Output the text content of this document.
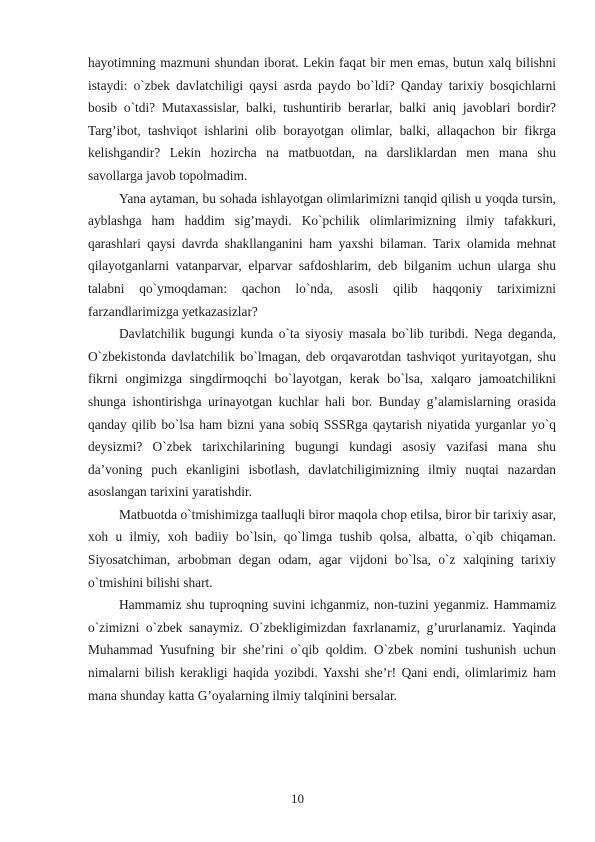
hayotimning mazmuni shundan iborat. Lekin faqat bir men emas, butun xalq bilishni istaydi: o`zbek davlatchiligi qaysi asrda paydo bo`ldi? Qanday tarixiy bosqichlarni bosib o`tdi? Mutaxassislar, balki, tushuntirib berarlar, balki aniq javoblari bordir? Targ’ibot, tashviqot ishlarini olib borayotgan olimlar, balki, allaqachon bir fikrga kelishgandir? Lekin hozircha na matbuotdan, na darsliklardan men mana shu savollarga javob topolmadim.

Yana aytaman, bu sohada ishlayotgan olimlarimizni tanqid qilish u yoqda tursin, ayblashga ham haddim sig’maydi. Ko`pchilik olimlarimizning ilmiy tafakkuri, qarashlari qaysi davrda shakllanganini ham yaxshi bilaman. Tarix olamida mehnat qilayotganlarni vatanparvar, elparvar safdoshlarim, deb bilganim uchun ularga shu talabni qo`ymoqdaman: qachon lo`nda, asosli qilib haqqoniy tariximizni farzandlarimizga yetkazasizlar?

Davlatchilik bugungi kunda o`ta siyosiy masala bo`lib turibdi. Nega deganda, O`zbekistonda davlatchilik bo`lmagan, deb orqavarotdan tashviqot yuritayotgan, shu fikrni ongimizga singdirmoqchi bo`layotgan, kerak bo`lsa, xalqaro jamoatchilikni shunga ishontirishga urinayotgan kuchlar hali bor. Bunday g’alamislarning orasida qanday qilib bo`lsa ham bizni yana sobiq SSSRga qaytarish niyatida yurganlar yo`q deysizmi? O`zbek tarixchilarining bugungi kundagi asosiy vazifasi mana shu da’voning puch ekanligini isbotlash, davlatchiligimizning ilmiy nuqtai nazardan asoslangan tarixini yaratishdir.

Matbuotda o`tmishimizga taalluqli biror maqola chop etilsa, biror bir tarixiy asar, xoh u ilmiy, xoh badiiy bo`lsin, qo`limga tushib qolsa, albatta, o`qib chiqaman. Siyosatchiman, arbobman degan odam, agar vijdoni bo`lsa, o`z xalqining tarixiy o`tmishini bilishi shart.

Hammamiz shu tuproqning suvini ichganmiz, non-tuzini yeganmiz. Hammamiz o`zimizni o`zbek sanaymiz. O`zbekligimizdan faxrlanamiz, g’ururlanamiz. Yaqinda Muhammad Yusufning bir she’rini o`qib qoldim. O`zbek nomini tushunish uchun nimalarni bilish kerakligi haqida yozibdi. Yaxshi she’r! Qani endi, olimlarimiz ham mana shunday katta G’oyalarning ilmiy talqinini bersalar.

10
